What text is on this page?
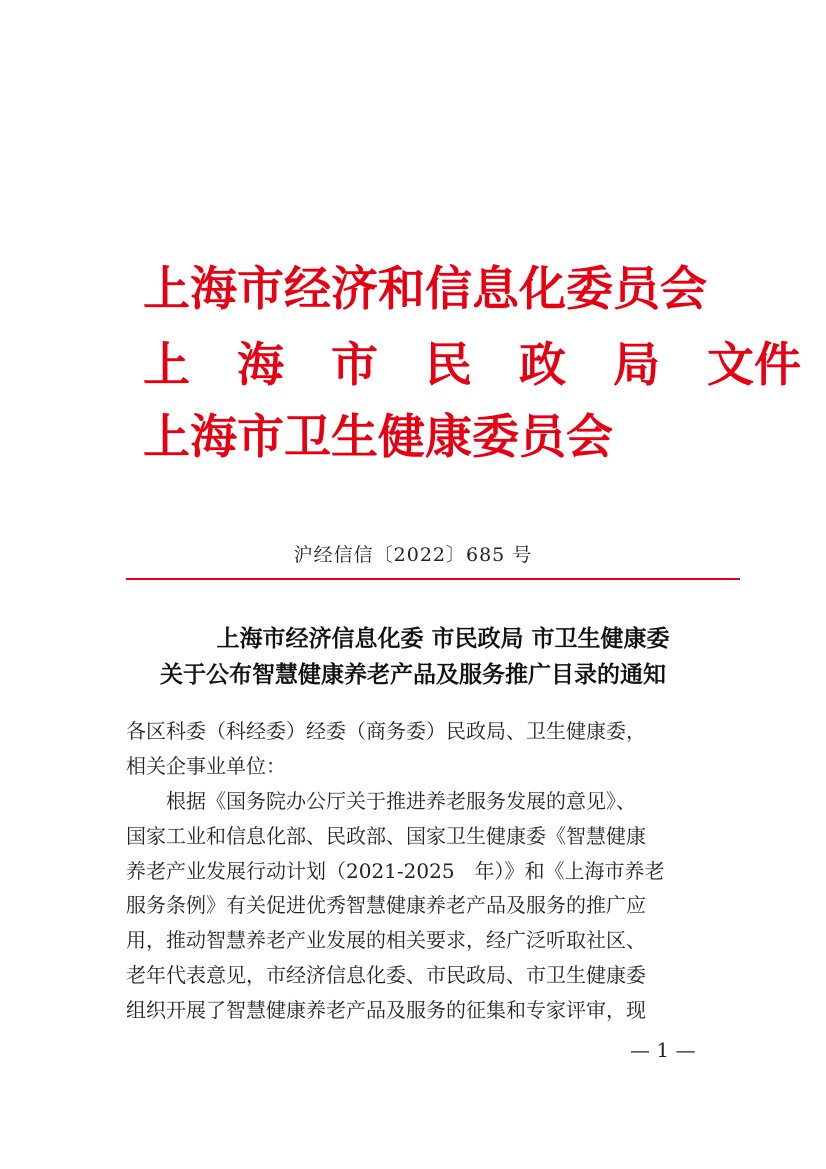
上海市经济和信息化委员会
上　海　市　民　政　局　文件
上海市卫生健康委员会
沪经信信〔2022〕685 号
上海市经济信息化委 市民政局 市卫生健康委
关于公布智慧健康养老产品及服务推广目录的通知
各区科委（科经委）经委（商务委）民政局、卫生健康委，
相关企事业单位：
　　根据《国务院办公厅关于推进养老服务发展的意见》、
国家工业和信息化部、民政部、国家卫生健康委《智慧健康
养老产业发展行动计划（2021-2025　年）》和《上海市养老
服务条例》有关促进优秀智慧健康养老产品及服务的推广应
用，推动智慧养老产业发展的相关要求，经广泛听取社区、
老年代表意见，市经济信息化委、市民政局、市卫生健康委
组织开展了智慧健康养老产品及服务的征集和专家评审，现
— 1 —
